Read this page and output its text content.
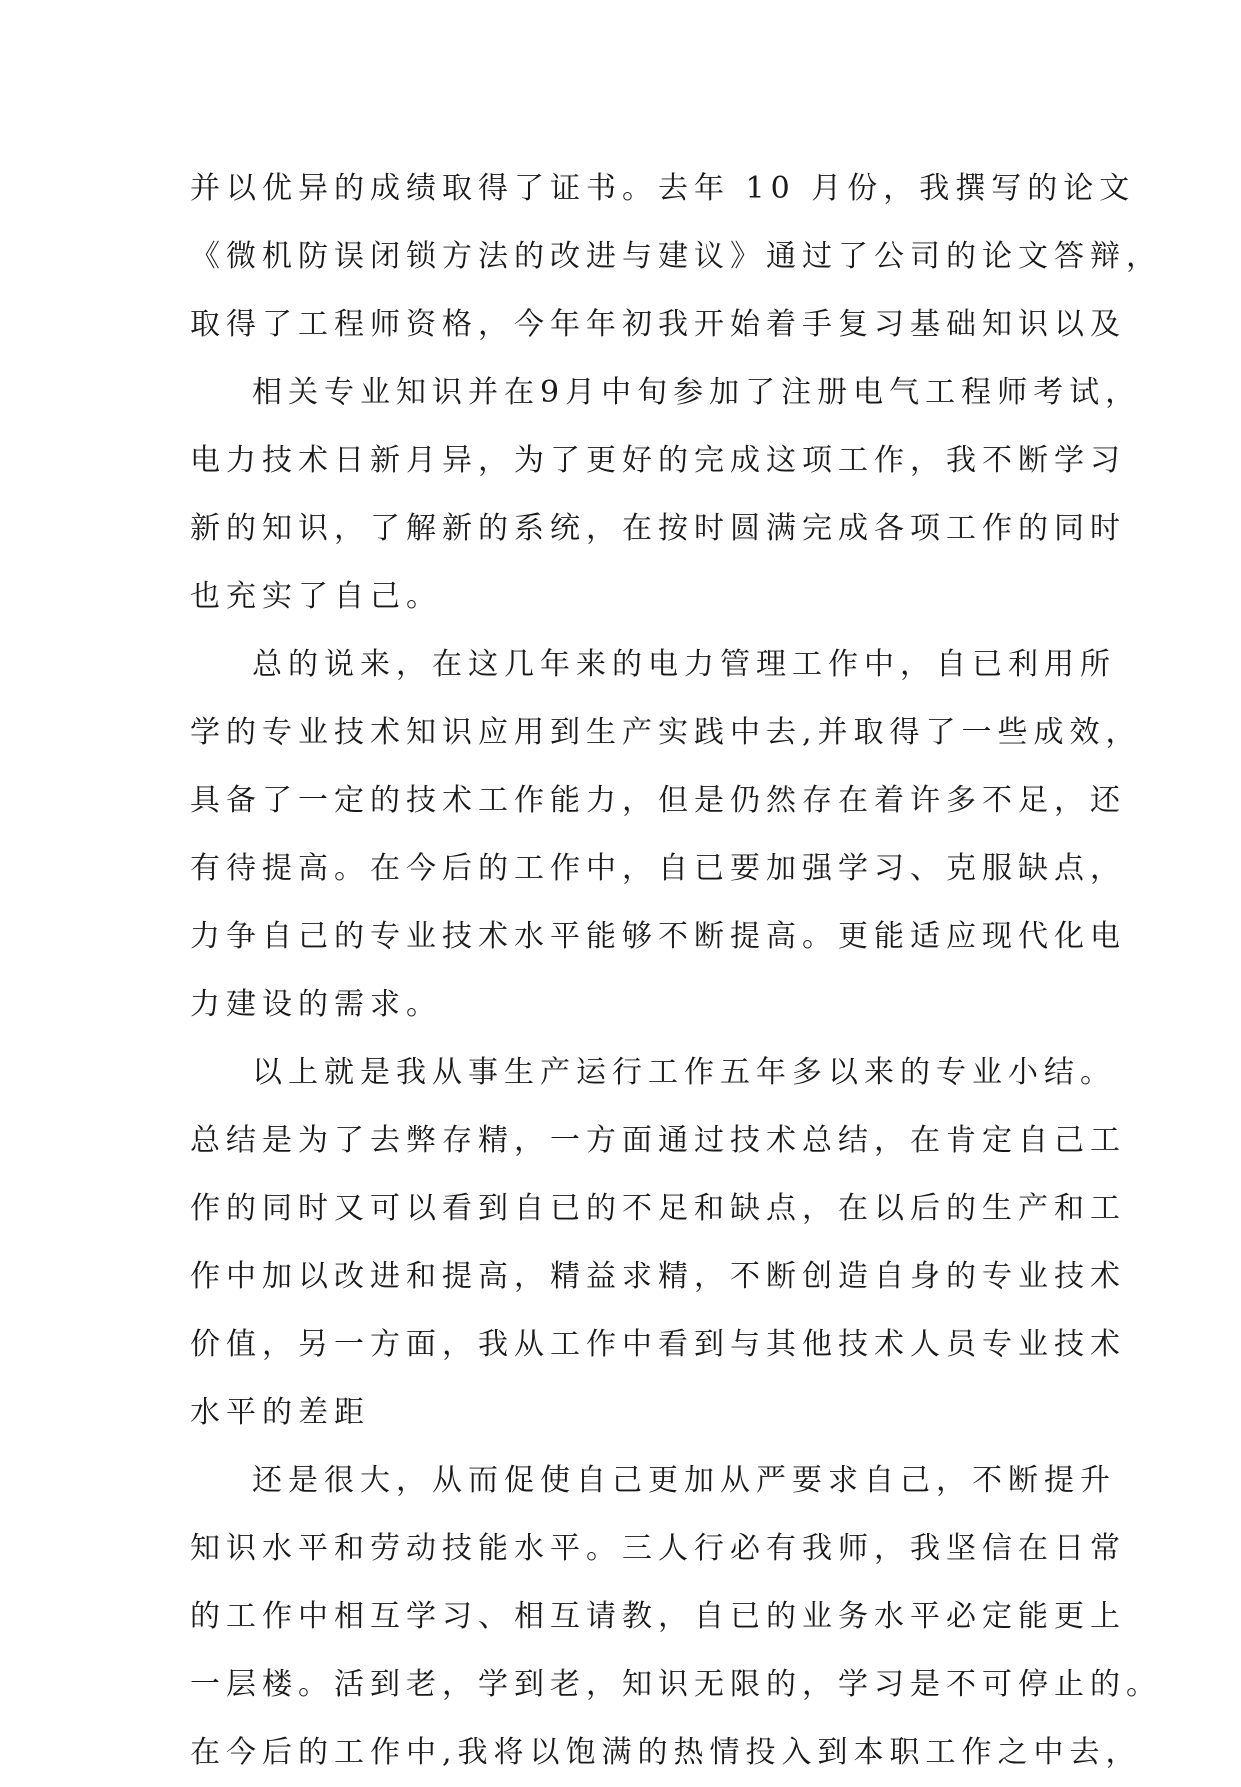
并以优异的成绩取得了证书。去年 10 月份，我撰写的论文
《微机防误闭锁方法的改进与建议》通过了公司的论文答辩，
取得了工程师资格，今年年初我开始着手复习基础知识以及
相关专业知识并在9月中旬参加了注册电气工程师考试，
电力技术日新月异，为了更好的完成这项工作，我不断学习
新的知识，了解新的系统，在按时圆满完成各项工作的同时
也充实了自己。
总的说来，在这几年来的电力管理工作中，自已利用所
学的专业技术知识应用到生产实践中去,并取得了一些成效，
具备了一定的技术工作能力，但是仍然存在着许多不足，还
有待提高。在今后的工作中，自已要加强学习、克服缺点，
力争自己的专业技术水平能够不断提高。更能适应现代化电
力建设的需求。
以上就是我从事生产运行工作五年多以来的专业小结。
总结是为了去弊存精，一方面通过技术总结，在肯定自己工
作的同时又可以看到自已的不足和缺点，在以后的生产和工
作中加以改进和提高，精益求精，不断创造自身的专业技术
价值，另一方面，我从工作中看到与其他技术人员专业技术
水平的差距
还是很大，从而促使自己更加从严要求自己，不断提升
知识水平和劳动技能水平。三人行必有我师，我坚信在日常
的工作中相互学习、相互请教，自已的业务水平必定能更上
一层楼。活到老，学到老，知识无限的，学习是不可停止的。
在今后的工作中,我将以饱满的热情投入到本职工作之中去，
